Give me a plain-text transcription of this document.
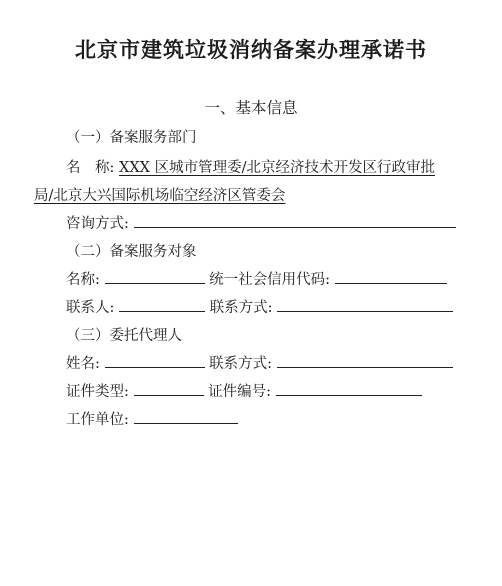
北京市建筑垃圾消纳备案办理承诺书
一、基本信息
（一）备案服务部门
名　称: XXX 区城市管理委/北京经济技术开发区行政审批
局/北京大兴国际机场临空经济区管委会
咨询方式:
（二）备案服务对象
名称:	统一社会信用代码:
联系人:	联系方式:
（三）委托代理人
姓名:	联系方式:
证件类型:	证件编号:
工作单位:
